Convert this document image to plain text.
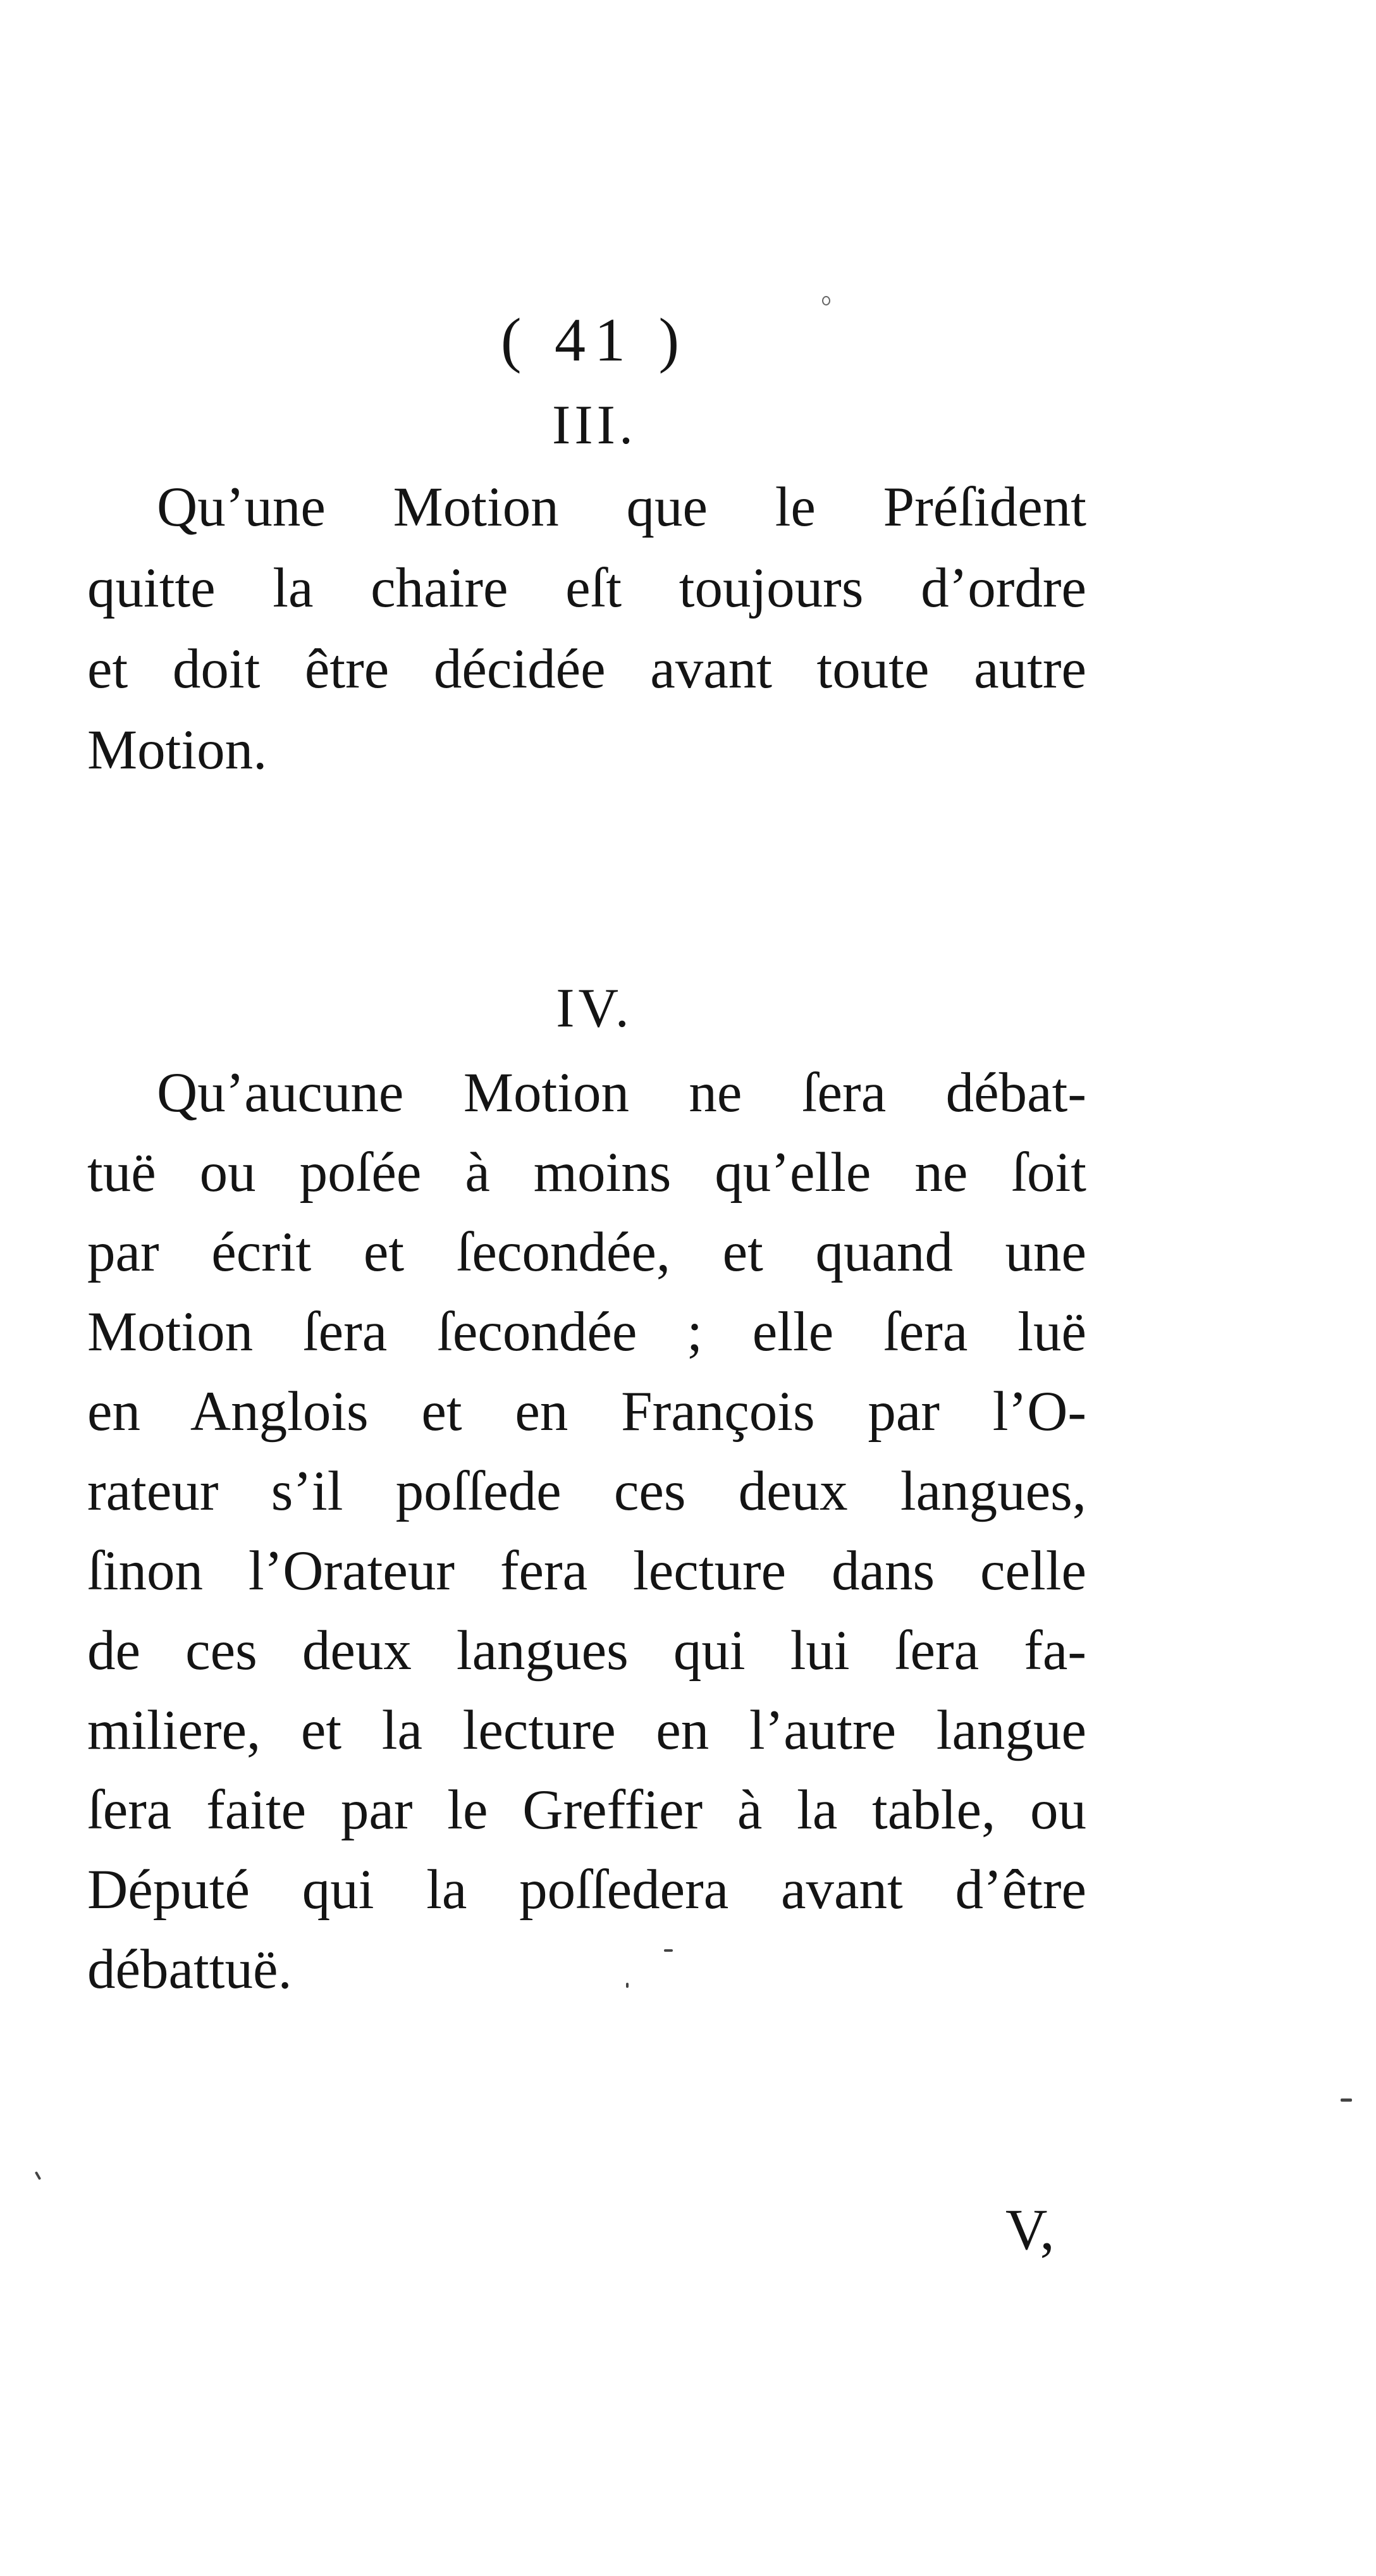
( 41 )
III.
Qu’une Motion que le Préſident
quitte la chaire eſt toujours d’ordre
et doit être décidée avant toute autre
Motion.
IV.
Qu’aucune Motion ne ſera débat-
tuë ou poſée à moins qu’elle ne ſoit
par écrit et ſecondée, et quand une
Motion ſera ſecondée ; elle ſera luë
en Anglois et en François par l’O-
rateur s’il poſſede ces deux langues,
ſinon l’Orateur fera lecture dans celle
de ces deux langues qui lui ſera fa-
miliere, et la lecture en l’autre langue
ſera faite par le Greffier à la table, ou
Député qui la poſſedera avant d’être
débattuë.
V,
